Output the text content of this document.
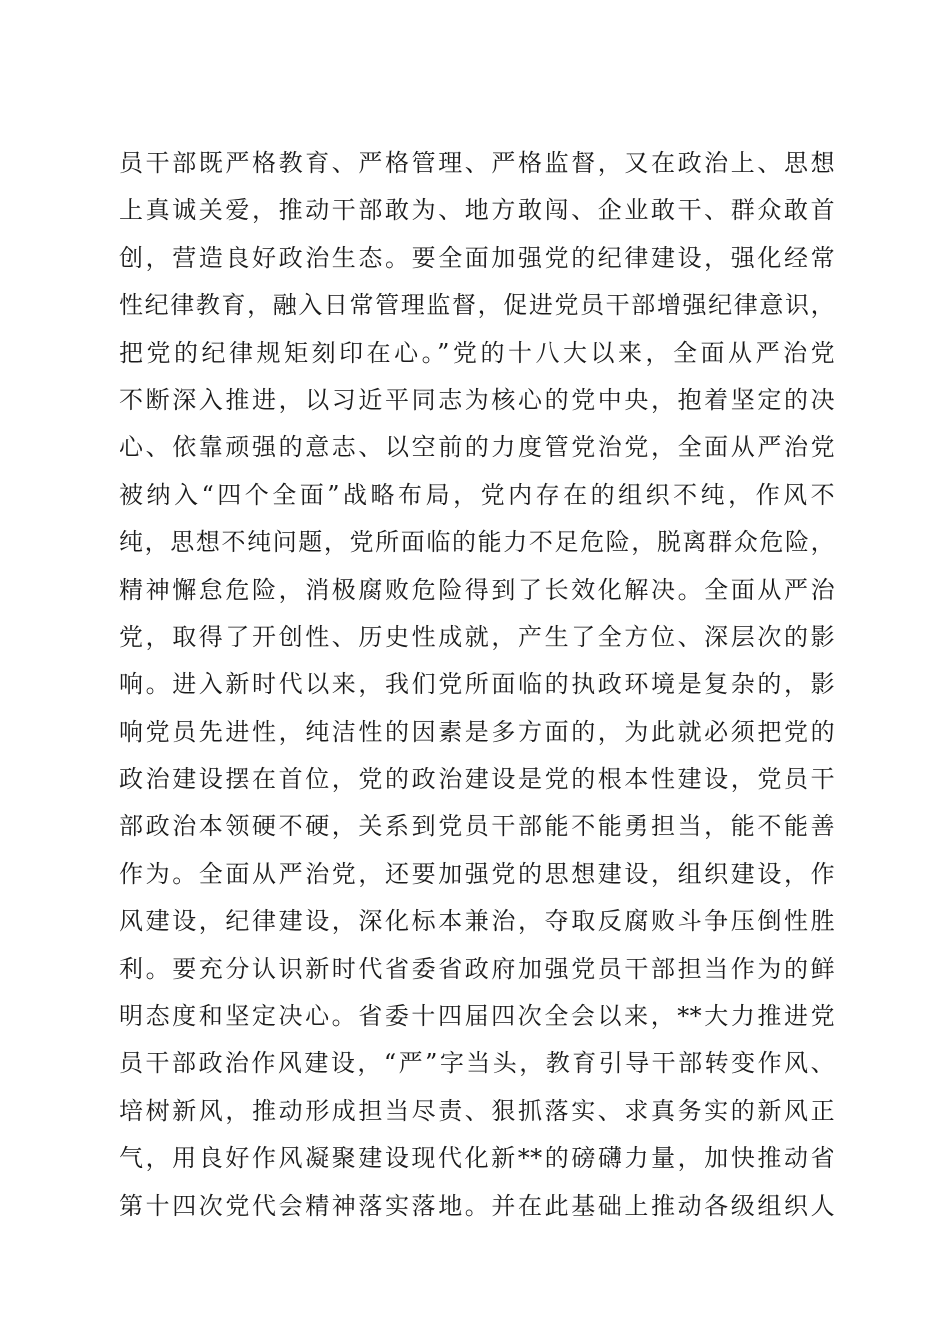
员干部既严格教育、严格管理、严格监督，又在政治上、思想
上真诚关爱，推动干部敢为、地方敢闯、企业敢干、群众敢首
创，营造良好政治生态。要全面加强党的纪律建设，强化经常
性纪律教育，融入日常管理监督，促进党员干部增强纪律意识，
把党的纪律规矩刻印在心。”党的十八大以来，全面从严治党
不断深入推进，以习近平同志为核心的党中央，抱着坚定的决
心、依靠顽强的意志、以空前的力度管党治党，全面从严治党
被纳入“四个全面”战略布局，党内存在的组织不纯，作风不
纯，思想不纯问题，党所面临的能力不足危险，脱离群众危险，
精神懈怠危险，消极腐败危险得到了长效化解决。全面从严治
党，取得了开创性、历史性成就，产生了全方位、深层次的影
响。进入新时代以来，我们党所面临的执政环境是复杂的，影
响党员先进性，纯洁性的因素是多方面的，为此就必须把党的
政治建设摆在首位，党的政治建设是党的根本性建设，党员干
部政治本领硬不硬，关系到党员干部能不能勇担当，能不能善
作为。全面从严治党，还要加强党的思想建设，组织建设，作
风建设，纪律建设，深化标本兼治，夺取反腐败斗争压倒性胜
利。要充分认识新时代省委省政府加强党员干部担当作为的鲜
明态度和坚定决心。省委十四届四次全会以来，**大力推进党
员干部政治作风建设，“严”字当头，教育引导干部转变作风、
培树新风，推动形成担当尽责、狠抓落实、求真务实的新风正
气，用良好作风凝聚建设现代化新**的磅礴力量，加快推动省
第十四次党代会精神落实落地。并在此基础上推动各级组织人
